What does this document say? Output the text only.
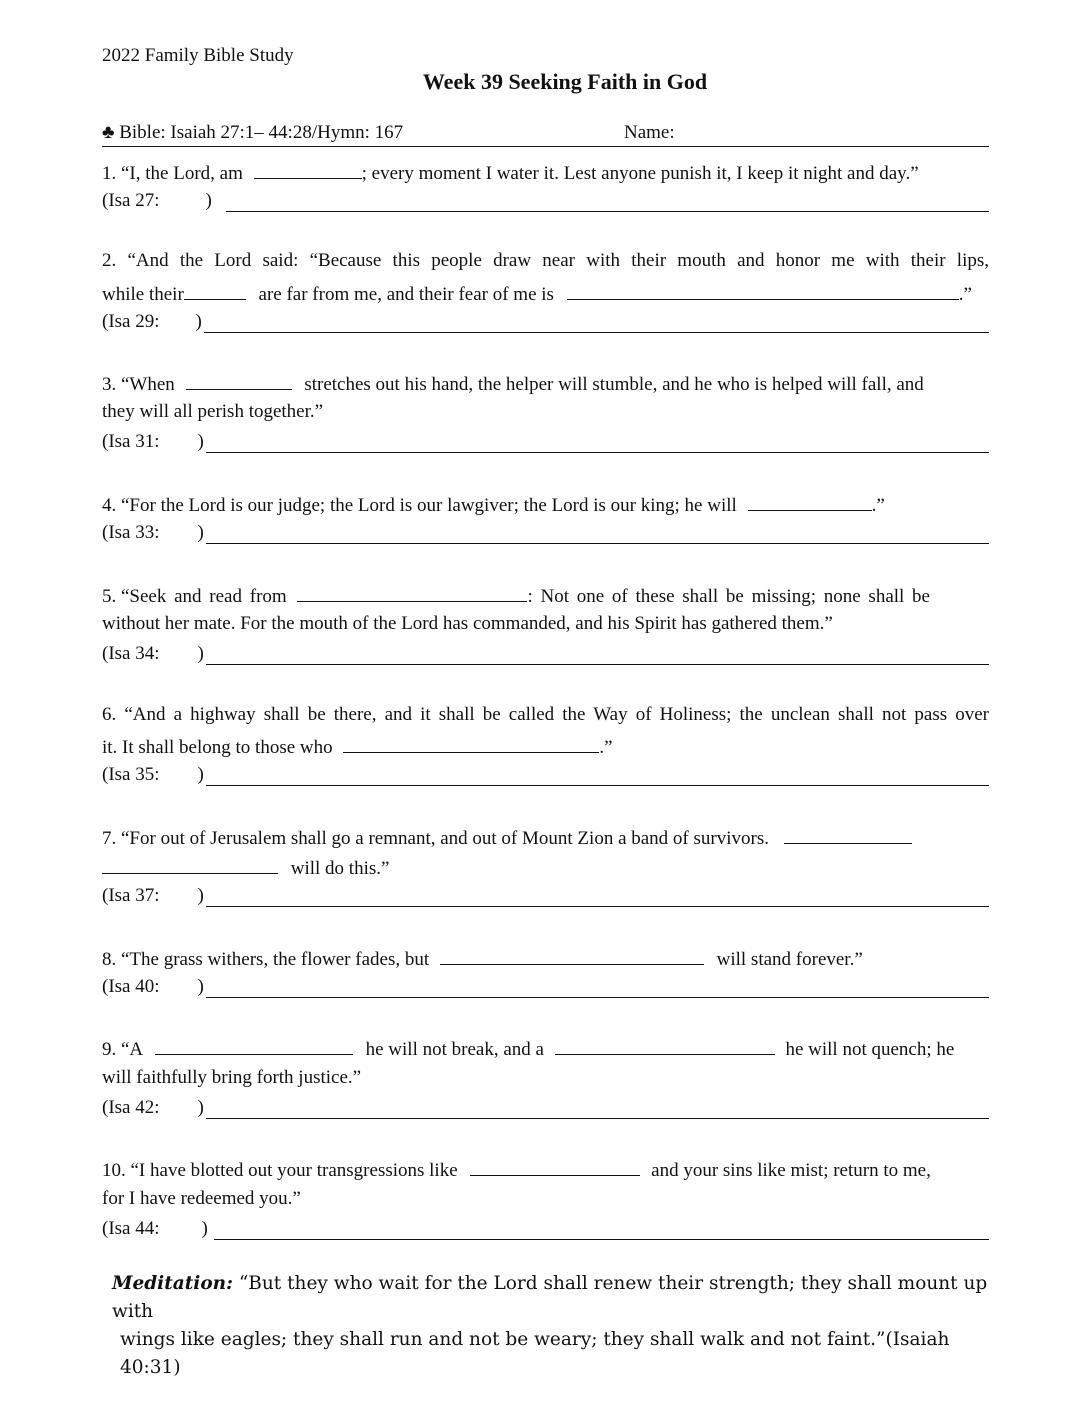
2022 Family Bible Study
Week 39 Seeking Faith in God
♣ Bible: Isaiah 27:1– 44:28/Hymn: 167	Name:
1. “I, the Lord, am	; every moment I water it. Lest anyone punish it, I keep it night and day.”
(Isa 27: )
2. “And the Lord said: “Because this people draw near with their mouth and honor me with their lips,
while their	are far from me, and their fear of me is	.”
(Isa 29: )
3. “When	stretches out his hand, the helper will stumble, and he who is helped will fall, and
they will all perish together.”
(Isa 31: )
4. “For the Lord is our judge; the Lord is our lawgiver; the Lord is our king; he will	.”
(Isa 33: )
5. “Seek and read from	: Not one of these shall be missing; none shall be
without her mate. For the mouth of the Lord has commanded, and his Spirit has gathered them.”
(Isa 34: )
6. “And a highway shall be there, and it shall be called the Way of Holiness; the unclean shall not pass over
it. It shall belong to those who	.”
(Isa 35: )
7. “For out of Jerusalem shall go a remnant, and out of Mount Zion a band of survivors.
will do this.”
(Isa 37: )
8. “The grass withers, the flower fades, but	will stand forever.”
(Isa 40: )
9. “A	he will not break, and a	he will not quench; he
will faithfully bring forth justice.”
(Isa 42: )
10. “I have blotted out your transgressions like	and your sins like mist; return to me,
for I have redeemed you.”
(Isa 44: )
Meditation: “But they who wait for the Lord shall renew their strength; they shall mount up with
wings like eagles; they shall run and not be weary; they shall walk and not faint.”(Isaiah 40:31)
